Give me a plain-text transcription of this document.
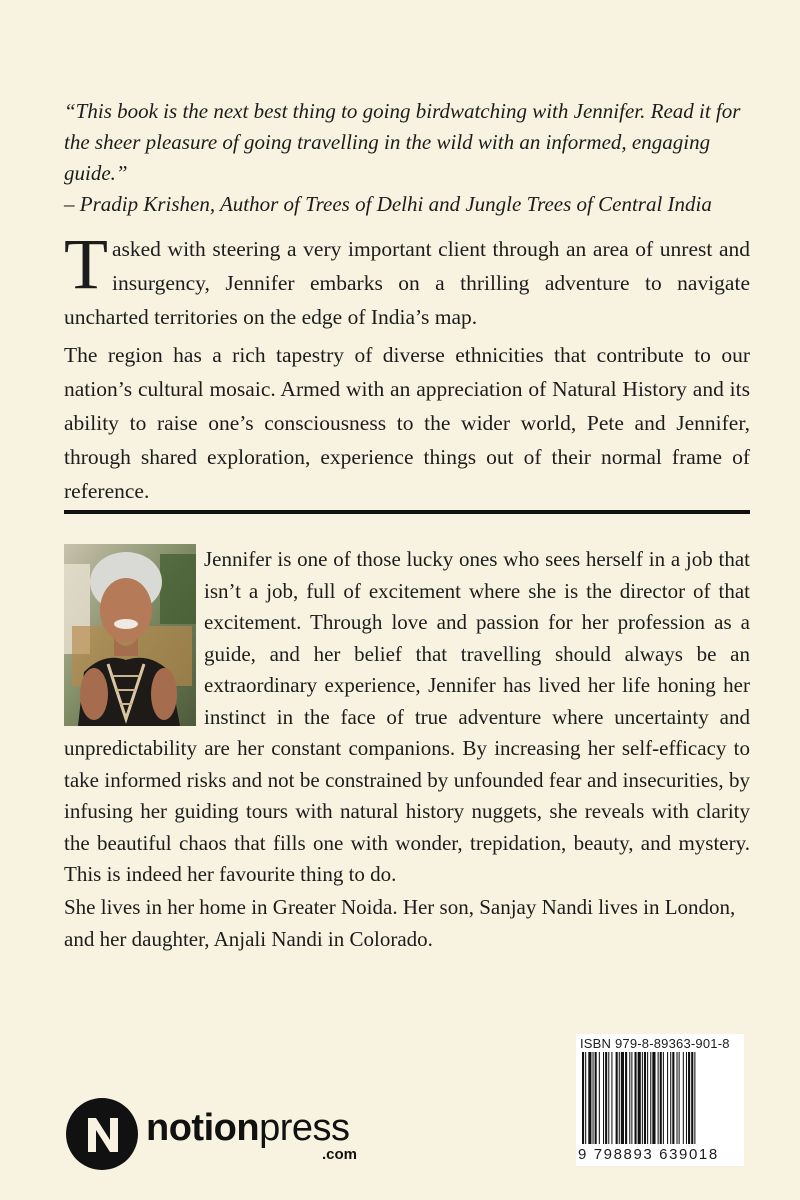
“This book is the next best thing to going birdwatching with Jennifer. Read it for the sheer pleasure of going travelling in the wild with an informed, engaging guide.”
– Pradip Krishen, Author of Trees of Delhi and Jungle Trees of Central India
T asked with steering a very important client through an area of unrest and insurgency, Jennifer embarks on a thrilling adventure to navigate uncharted territories on the edge of India’s map.
The region has a rich tapestry of diverse ethnicities that contribute to our nation’s cultural mosaic. Armed with an appreciation of Natural History and its ability to raise one’s consciousness to the wider world, Pete and Jennifer, through shared exploration, experience things out of their normal frame of reference.
Jennifer is one of those lucky ones who sees herself in a job that isn’t a job, full of excitement where she is the director of that excitement. Through love and passion for her profession as a guide, and her belief that travelling should always be an extraordinary experience, Jennifer has lived her life honing her instinct in the face of true adventure where uncertainty and unpredictability are her constant companions. By increasing her self-efficacy to take informed risks and not be constrained by unfounded fear and insecurities, by infusing her guiding tours with natural history nuggets, she reveals with clarity the beautiful chaos that fills one with wonder, trepidation, beauty, and mystery. This is indeed her favourite thing to do.
She lives in her home in Greater Noida. Her son, Sanjay Nandi lives in London, and her daughter, Anjali Nandi in Colorado.
ISBN 979-8-89363-901-8
9 798893 639018
notionpress
.com
